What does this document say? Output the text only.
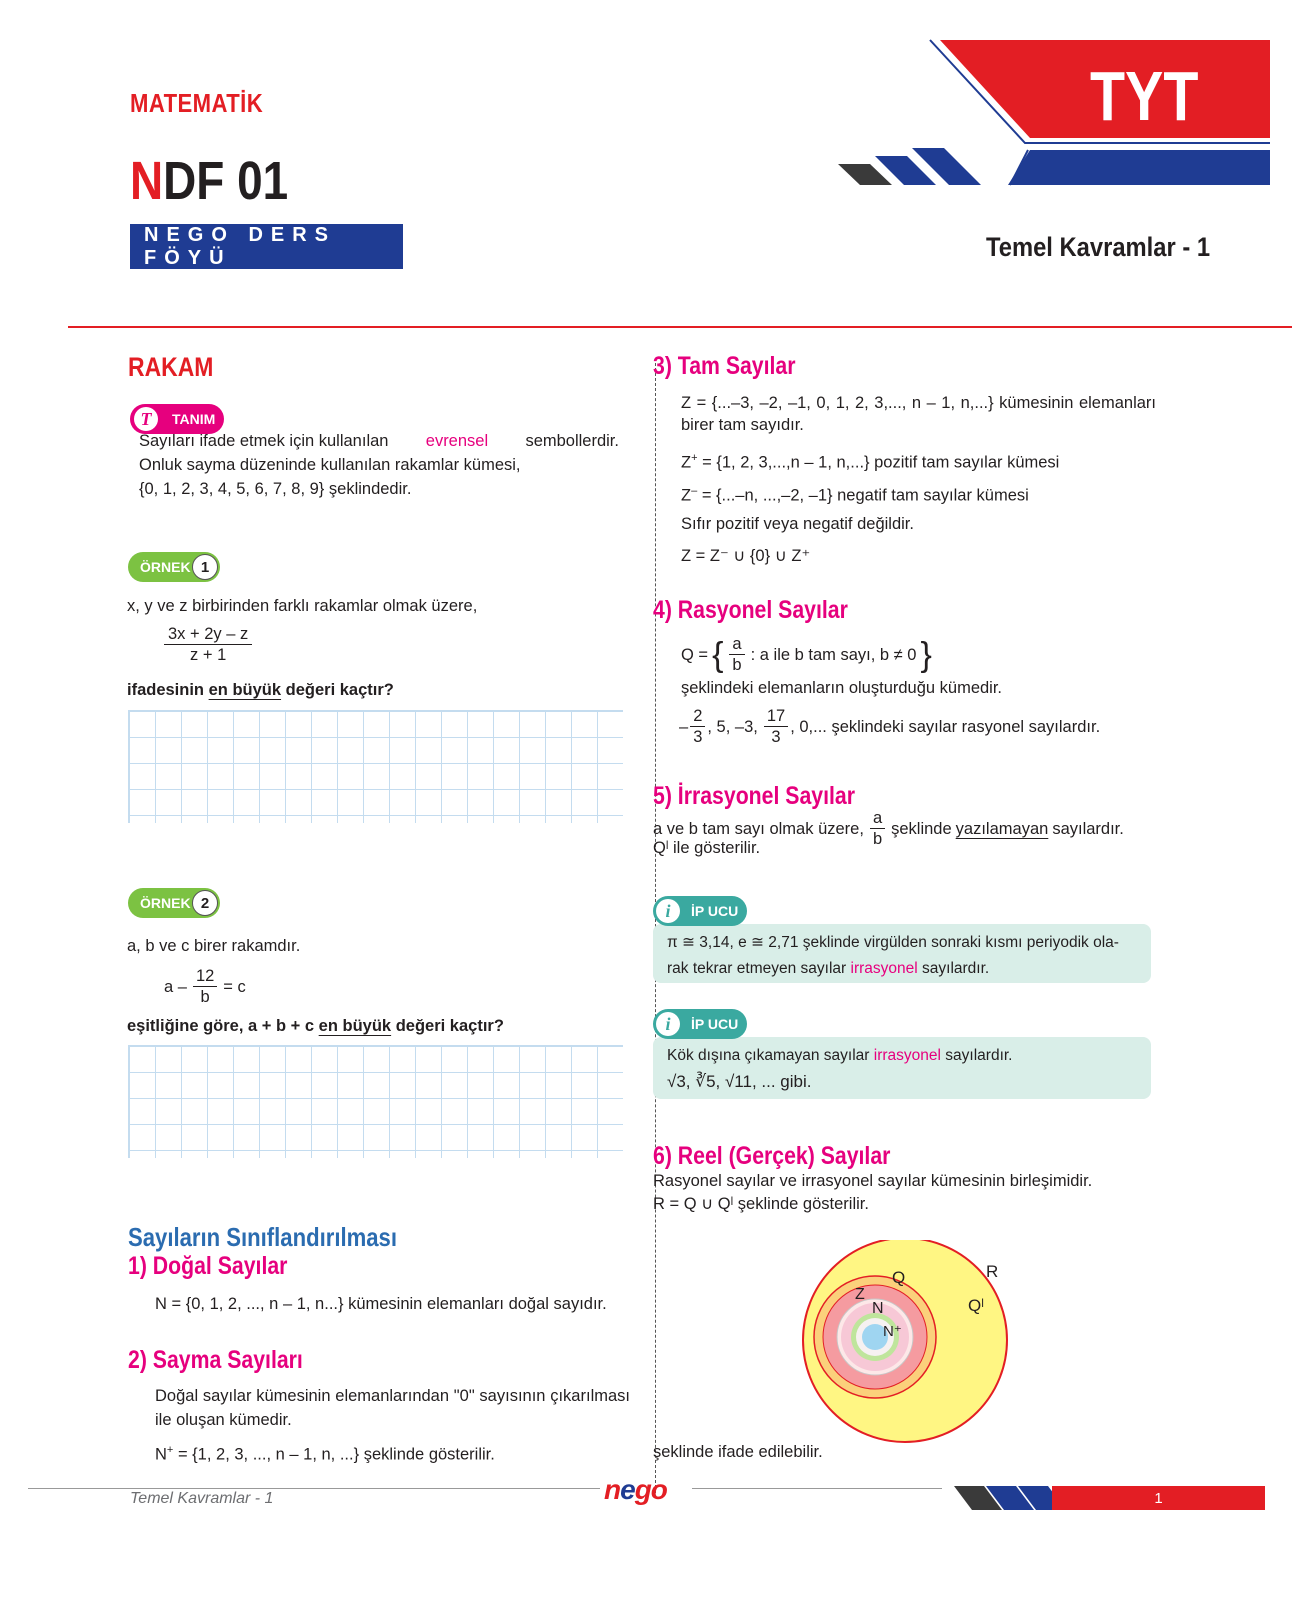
MATEMATİK
NDF 01
NEGO DERS FÖYÜ
TYT
Temel Kavramlar - 1
RAKAM
T	TANIM
Sayıları ifade etmek için kullanılan evrensel sembollerdir.
Onluk sayma düzeninde kullanılan rakamlar kümesi,
{0, 1, 2, 3, 4, 5, 6, 7, 8, 9} şeklindedir.
ÖRNEK 1
x, y ve z birbirinden farklı rakamlar olmak üzere,
$\frac{3x + 2y - z}{z + 1}$
ifadesinin en büyük değeri kaçtır?
ÖRNEK 2
a, b ve c birer rakamdır.
$a - \frac{12}{b} = c$
eşitliğine göre, a + b + c en büyük değeri kaçtır?
Sayıların Sınıflandırılması
1) Doğal Sayılar
N = {0, 1, 2, ..., n – 1, n...} kümesinin elemanları doğal sayıdır.
2) Sayma Sayıları
Doğal sayılar kümesinin elemanlarından "0" sayısının çıkarılması ile oluşan kümedir.
N+ = {1, 2, 3, ..., n – 1, n, ...} şeklinde gösterilir.
3) Tam Sayılar
Z = {...–3, –2, –1, 0, 1, 2, 3,..., n – 1, n,...} kümesinin elemanları birer tam sayıdır.
Z+ = {1, 2, 3,...,n – 1, n,...} pozitif tam sayılar kümesi
Z– = {...–n, ...,–2, –1} negatif tam sayılar kümesi
Sıfır pozitif veya negatif değildir.
Z = Z⁻ ∪ {0} ∪ Z⁺
4) Rasyonel Sayılar
Q = { $\frac{a}{b}$ : a ile b tam sayı, b ≠ 0 }
şeklindeki elemanların oluşturduğu kümedir.
– $\frac{2}{3}$ , 5, –3, $\frac{17}{3}$ , 0,... şeklindeki sayılar rasyonel sayılardır.
5) İrrasyonel Sayılar
a ve b tam sayı olmak üzere, $\frac{a}{b}$ şeklinde yazılamayan sayılardır.
Qˡ ile gösterilir.
π ≅ 3,14, e ≅ 2,71 şeklinde virgülden sonraki kısmı periyodik ola-
rak tekrar etmeyen sayılar irrasyonel sayılardır.
i	İP UCU
Kök dışına çıkamayan sayılar irrasyonel sayılardır.
√3, ∛5, √11, ... gibi.
i	İP UCU
6) Reel (Gerçek) Sayılar
Rasyonel sayılar ve irrasyonel sayılar kümesinin birleşimidir.
R = Q ∪ Qˡ şeklinde gösterilir.
R
Q
Qˡ
Z
N
N⁺
şeklinde ifade edilebilir.
Temel Kavramlar - 1	nego	1
